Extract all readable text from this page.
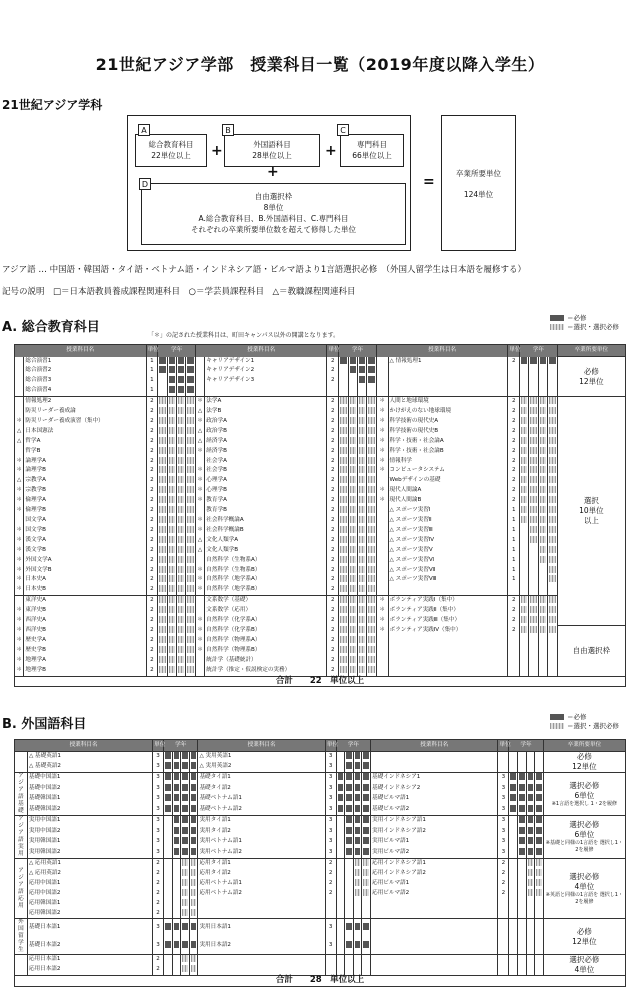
21世紀アジア学部　授業科目一覧（2019年度以降入学生）
21世紀アジア学科
総合教育科目
22単位以上
A
+	外国語科目
28単位以上
B
+	専門科目
66単位以上
C
+
自由選択枠
8単位
A.総合教育科目、B.外国語科目、C.専門科目
それぞれの卒業所要単位数を超えて修得した単位
D	=
卒業所要単位
124単位
アジア語 … 中国語・韓国語・タイ語・ベトナム語・インドネシア語・ビルマ語より1言語選択必修　（外国人留学生は日本語を履修する）
記号の説明　□＝日本語教員養成課程関連科目　○＝学芸員課程科目　△＝教職課程関連科目
A. 総合教育科目
「＊」の記された授業科目は、町田キャンパス以外の開講となります。
＝必修
＝選択・選択必修
授業科目名		単位	学年				授業科目名		単位	学年				授業科目名		単位	学年				卒業所要単位
	総合演習1	1						キャリアデザイン1	2						△ 情報処理1	2					必修
12単位

	総合演習2	1						キャリアデザイン2	2												
	総合演習3	1						キャリアデザイン3	2												
	総合演習4	1																			
	情報処理2	2					＊	法学A	2					＊	人間と地球環境	2					選択
10単位
以上

	防災リーダー養成論	2					△	法学B	2					＊	かけがえのない地球環境	2					
＊	防災リーダー養成演習（集中）	2					＊	政治学A	2					＊	科学技術の現代史A	2					
△	日本国憲法	2					△	政治学B	2					＊	科学技術の現代史B	2					
△	哲学A	2					△	経済学A	2					＊	科学・技術・社会論A	2					
	哲学B	2					＊	経済学B	2					＊	科学・技術・社会論B	2					
＊	論理学A	2						社会学A	2					＊	情報科学	2					
＊	論理学B	2					＊	社会学B	2					＊	コンピュータシステム	2					
△	宗教学A	2					＊	心理学A	2						Webデザインの基礎	2					
＊	宗教学B	2					＊	心理学B	2					＊	現代人間論A	2					
＊	倫理学A	2					＊	教育学A	2					＊	現代人間論B	2					
＊	倫理学B	2						教育学B	2						△ スポーツ実習Ⅰ	1					
	国文学A	2					＊	社会科学概論A	2						△ スポーツ実習Ⅱ	1					
＊	国文学B	2					＊	社会科学概論B	2						△ スポーツ実習Ⅲ	1					
＊	漢文学A	2					△	文化人類学A	2						△ スポーツ実習Ⅳ	1					
＊	漢文学B	2					△	文化人類学B	2						△ スポーツ実習Ⅴ	1					
＊	外国文学A	2						自然科学（生物系A）	2						△ スポーツ実習Ⅵ	1					
＊	外国文学B	2					＊	自然科学（生物系B）	2						△ スポーツ実習Ⅶ	1					
＊	日本史A	2					＊	自然科学（地学系A）	2						△ スポーツ実習Ⅷ	1					
＊	日本史B	2					＊	自然科学（地学系B）	2												
	東洋史A	2						文系数学（基礎）	2					＊	ボランティア実践Ⅰ（集中）	2					
＊	東洋史B	2						文系数学（応用）	2					＊	ボランティア実践Ⅱ（集中）	2					
＊	西洋史A	2					＊	自然科学（化学系A）	2					＊	ボランティア実践Ⅲ（集中）	2					
＊	西洋史B	2					＊	自然科学（化学系B）	2					＊	ボランティア実践Ⅳ（集中）	2					自由選択枠

＊	歴史学A	2					＊	自然科学（物理系A）	2												
＊	歴史学B	2					＊	自然科学（物理系B）	2												
＊	地理学A	2						統計学（基礎統計）	2												
＊	地理学B	2						統計学（推定・仮説検定の実務）	2												
合計　　22　単位以上																					
B. 外国語科目	＝必修
＝選択・選択必修
授業科目名		単位	学年				授業科目名	単位	学年				授業科目名	単位	学年				卒業所要単位
	△ 基礎英語1	3					△ 実用英語1	3											必修
12単位

	△ 基礎英語2	3					△ 実用英語2	3											
アジア語 基礎	基礎中国語1	3					基礎タイ語1	3					基礎インドネシア1	3					選択必修
6単位
※1言語を選択し 1・2を履修

	基礎中国語2	3					基礎タイ語2	3					基礎インドネシア2	3					
	基礎韓国語1	3					基礎ベトナム語1	3					基礎ビルマ語1	3					
	基礎韓国語2	3					基礎ベトナム語2	3					基礎ビルマ語2	3					
アジア語 実用	実用中国語1	3					実用タイ語1	3					実用インドネシア語1	3					選択必修
6単位
※基礎と同様の1言語を 選択し1・2を履修

	実用中国語2	3					実用タイ語2	3					実用インドネシア語2	3					
	実用韓国語1	3					実用ベトナム語1	3					実用ビルマ語1	3					
	実用韓国語2	3					実用ベトナム語2	3					実用ビルマ語2	3					
アジア語 応用	△ 応用英語1	2					応用タイ語1	2					応用インドネシア語1	2					選択必修
4単位
※英語と同様の1言語を 選択し1・2を履修

	△ 応用英語2	2					応用タイ語2	2					応用インドネシア語2	2					
	応用中国語1	2					応用ベトナム語1	2					応用ビルマ語1	2					
	応用中国語2	2					応用ベトナム語2	2					応用ビルマ語2	2					
	応用韓国語1	2																	
	応用韓国語2	2																	
外国 留学生	基礎日本語1	3					実用日本語1	3											必修
12単位

	基礎日本語2	3					実用日本語2	3											
	応用日本語1	2																	選択必修
4単位

	応用日本語2	2																	
合計　　28　単位以上																			
